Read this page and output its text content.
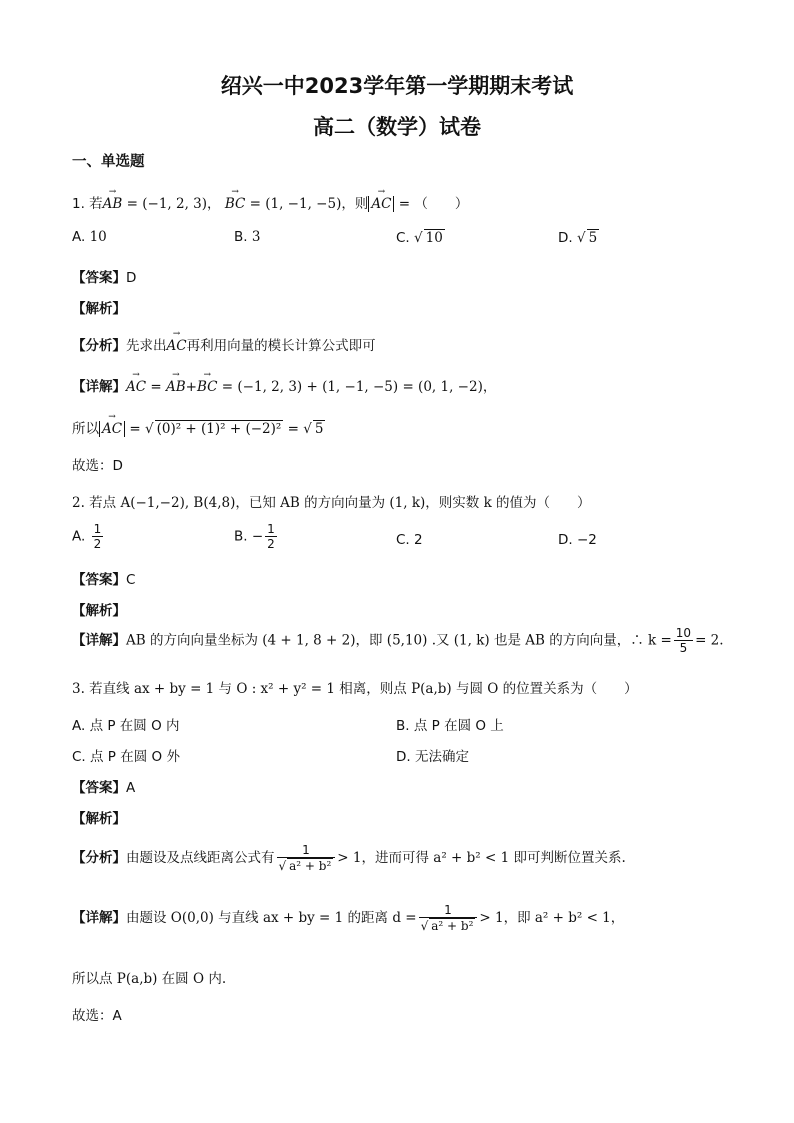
绍兴一中2023学年第一学期期末考试
高二（数学）试卷
一、单选题
1. 若→ AB = (−1, 2, 3)， → BC = (1, −1, −5)，则 → AC = （　　）
A. 10	B. 3	C. √ 10	D. √ 5
【答案】D
【解析】
【分析】先求出→ AC再利用向量的模长计算公式即可
【详解】→ AC = → AB+→ BC = (−1, 2, 3) + (1, −1, −5) = (0, 1, −2)，
所以 → AC = √ (0)² + (1)² + (−2)² = √ 5
故选：D
2. 若点 A(−1,−2), B(4,8)，已知 AB 的方向向量为 (1, k)，则实数 k 的值为（　　）
A. $\frac{1}{2}$	B. − $\frac{1}{2}$	C. 2	D. −2
【答案】C
【解析】
【详解】AB 的方向向量坐标为 (4 + 1, 8 + 2)，即 (5,10) .又 (1, k) 也是 AB 的方向向量，∴ $k = \frac{10}{5} = 2$.
3. 若直线 ax + by = 1 与 O : x² + y² = 1 相离，则点 P(a,b) 与圆 O 的位置关系为（　　）
A. 点 P 在圆 O 内	B. 点 P 在圆 O 上
C. 点 P 在圆 O 外	D. 无法确定
【答案】A
【解析】
【分析】由题设及点线距离公式有 1
√ a² + b² > 1，进而可得 a² + b² < 1 即可判断位置关系.
【详解】由题设 O(0,0) 与直线 ax + by = 1 的距离 d = 1
√ a² + b² > 1，即 a² + b² < 1，
所以点 P(a,b) 在圆 O 内.
故选：A
